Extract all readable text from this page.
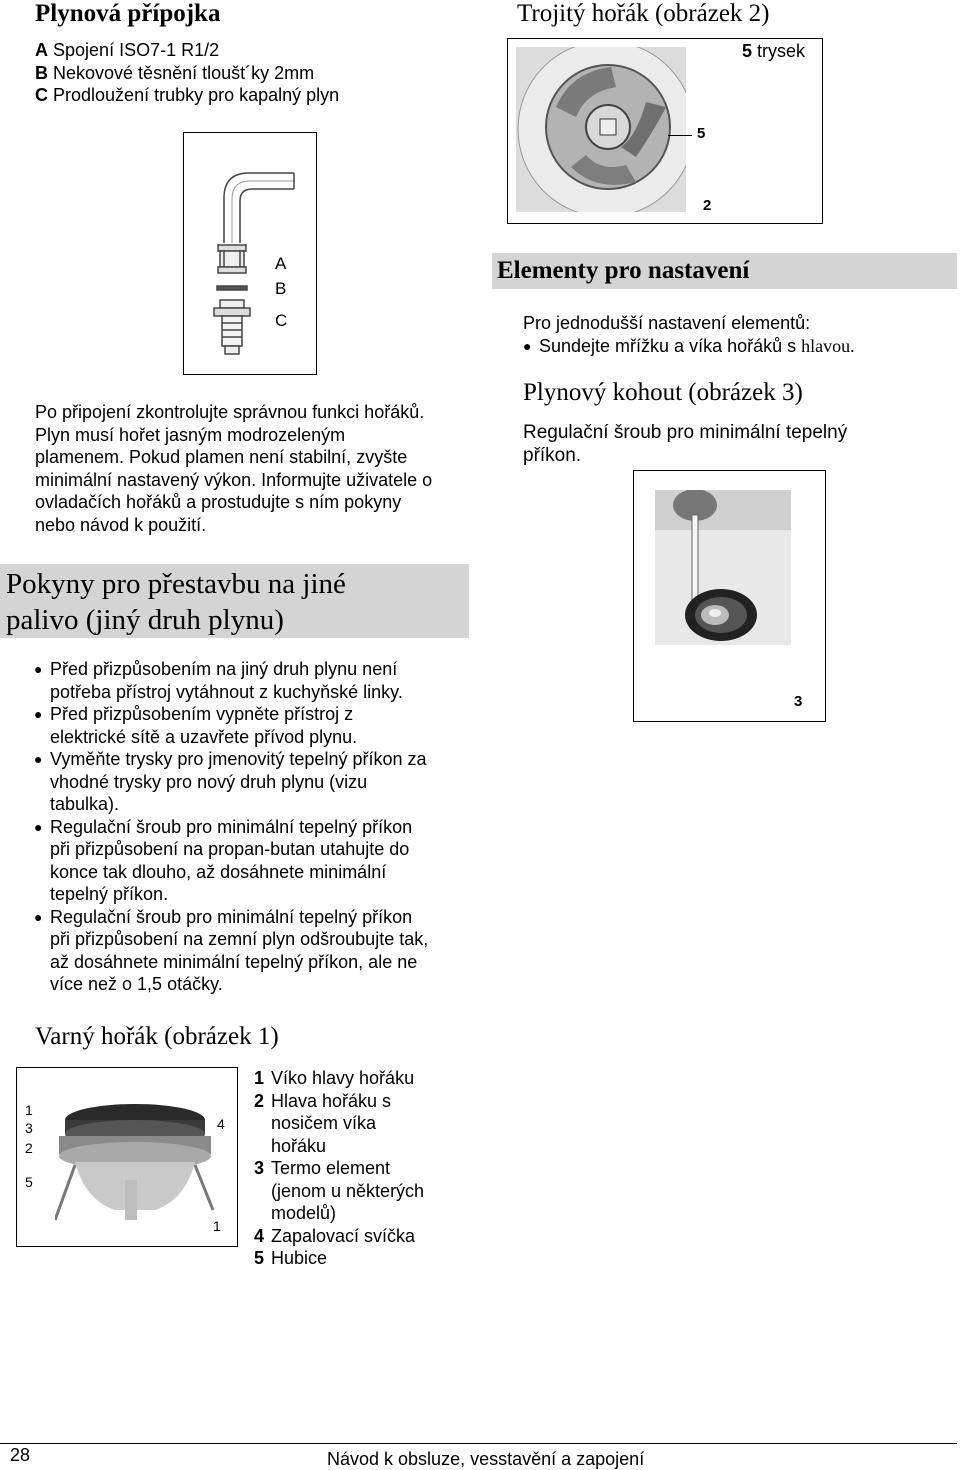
Plynová přípojka
A Spojení ISO7-1 R1/2
B Nekovové těsnění tloušt´ky 2mm
C Prodloužení trubky pro kapalný plyn
A
B
C
Po připojení zkontrolujte správnou funkci hořáků.
Plyn musí hořet jasným modrozeleným
plamenem. Pokud plamen není stabilní, zvyšte
minimální nastavený výkon. Informujte uživatele o
ovladačích hořáků a prostudujte s ním pokyny
nebo návod k použití.
Trojitý hořák (obrázek 2)
5 trysek
5
2
Elementy pro nastavení
Pro jednodušší nastavení elementů:
● Sundejte mřížku a víka hořáků s hlavou.
Plynový kohout (obrázek 3)
Regulační šroub pro minimální tepelný
příkon.
3
Pokyny pro přestavbu na jiné
palivo (jiný druh plynu)
● Před přizpůsobením na jiný druh plynu není
potřeba přístroj vytáhnout z kuchyňské linky.
● Před přizpůsobením vypněte přístroj z
elektrické sítě a uzavřete přívod plynu.
● Vyměňte trysky pro jmenovitý tepelný příkon za
vhodné trysky pro nový druh plynu (vizu
tabulka).
● Regulační šroub pro minimální tepelný příkon
při přizpůsobení na propan-butan utahujte do
konce tak dlouho, až dosáhnete minimální
tepelný příkon.
● Regulační šroub pro minimální tepelný příkon
při přizpůsobení na zemní plyn odšroubujte tak,
až dosáhnete minimální tepelný příkon, ale ne
více než o 1,5 otáčky.
Varný hořák (obrázek 1)
1
3
2
5
4
1
1 Víko hlavy hořáku
2 Hlava hořáku s
nosičem víka
hořáku
3 Termo element
(jenom u některých
modelů)
4 Zapalovací svíčka
5 Hubice
28	Návod k obsluze, vesstavění a zapojení
